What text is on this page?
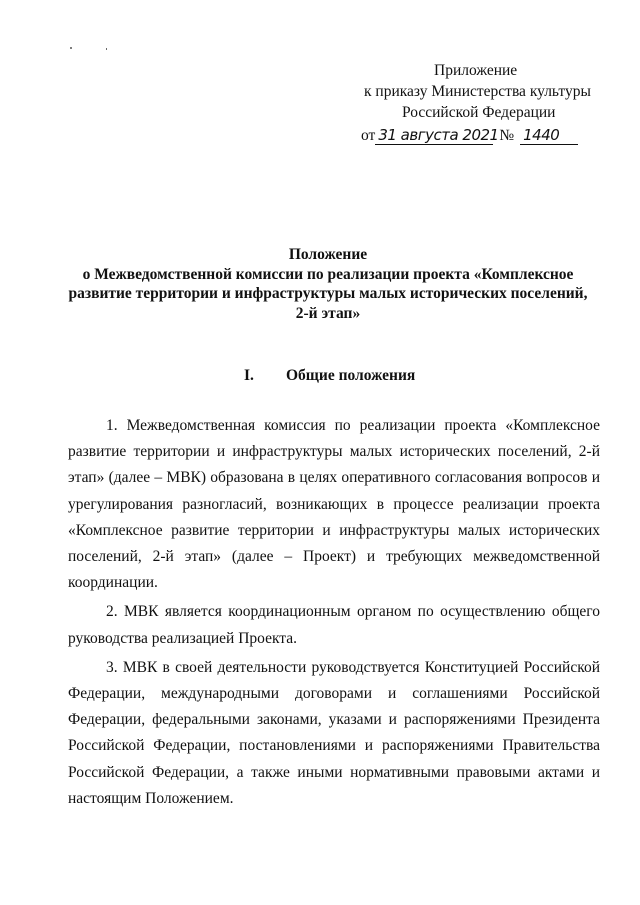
Приложение
к приказу Министерства культуры
Российской Федерации
от 31 августа 2021№ 1440
Положение
о Межведомственной комиссии по реализации проекта «Комплексное
развитие территории и инфраструктуры малых исторических поселений,
2-й этап»
I. Общие положения

1. Межведомственная комиссия по реализации проекта «Комплексное развитие территории и инфраструктуры малых исторических поселений, 2-й этап» (далее – МВК) образована в целях оперативного согласования вопросов и урегулирования разногласий, возникающих в процессе реализации проекта «Комплексное развитие территории и инфраструктуры малых исторических поселений, 2-й этап» (далее – Проект) и требующих межведомственной координации.

2. МВК является координационным органом по осуществлению общего руководства реализацией Проекта.

3. МВК в своей деятельности руководствуется Конституцией Российской Федерации, международными договорами и соглашениями Российской Федерации, федеральными законами, указами и распоряжениями Президента Российской Федерации, постановлениями и распоряжениями Правительства Российской Федерации, а также иными нормативными правовыми актами и настоящим Положением.
